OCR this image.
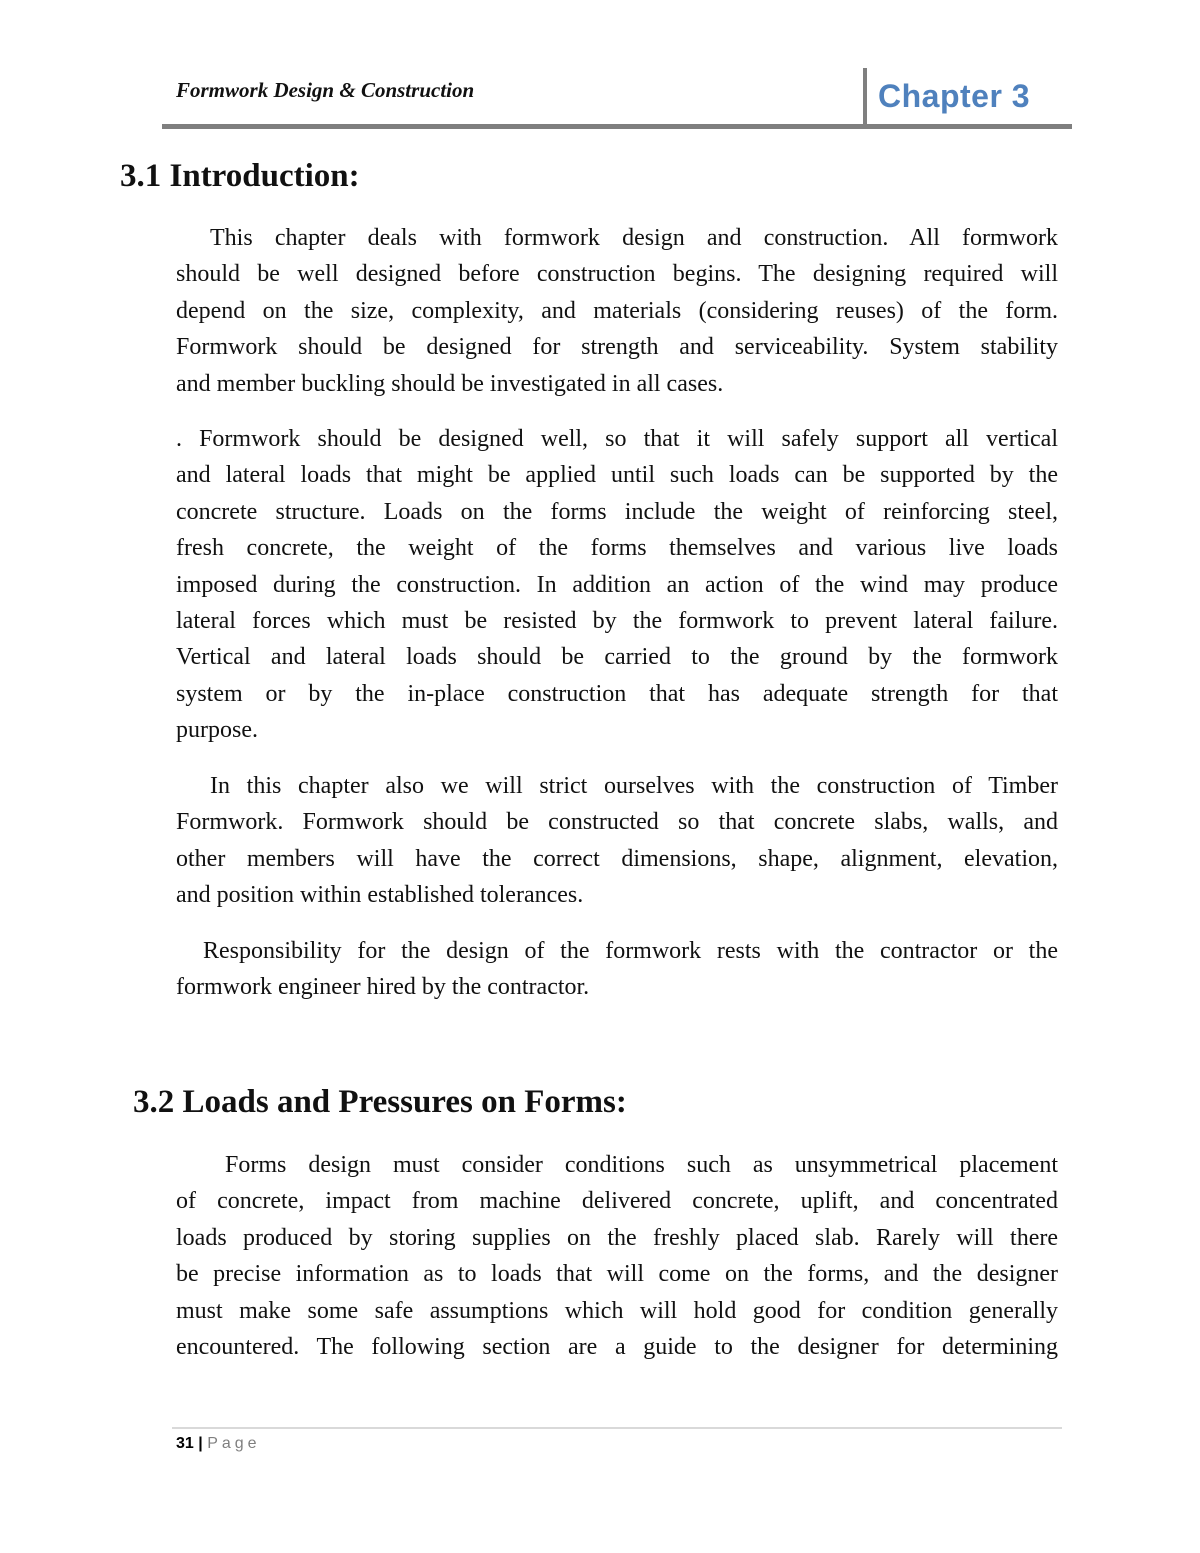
Formwork Design & Construction	Chapter 3
3.1 Introduction:
This chapter deals with formwork design and construction. All formwork
should be well designed before construction begins. The designing required will
depend on the size, complexity, and materials (considering reuses) of the form.
Formwork should be designed for strength and serviceability. System stability
and member buckling should be investigated in all cases.
. Formwork should be designed well, so that it will safely support all vertical
and lateral loads that might be applied until such loads can be supported by the
concrete structure. Loads on the forms include the weight of reinforcing steel,
fresh concrete, the weight of the forms themselves and various live loads
imposed during the construction. In addition an action of the wind may produce
lateral forces which must be resisted by the formwork to prevent lateral failure.
Vertical and lateral loads should be carried to the ground by the formwork
system or by the in-place construction that has adequate strength for that
purpose.
In this chapter also we will strict ourselves with the construction of Timber
Formwork. Formwork should be constructed so that concrete slabs, walls, and
other members will have the correct dimensions, shape, alignment, elevation,
and position within established tolerances.
Responsibility for the design of the formwork rests with the contractor or the
formwork engineer hired by the contractor.
3.2 Loads and Pressures on Forms:
Forms design must consider conditions such as unsymmetrical placement
of concrete, impact from machine delivered concrete, uplift, and concentrated
loads produced by storing supplies on the freshly placed slab. Rarely will there
be precise information as to loads that will come on the forms, and the designer
must make some safe assumptions which will hold good for condition generally
encountered. The following section are a guide to the designer for determining
31 | Page
